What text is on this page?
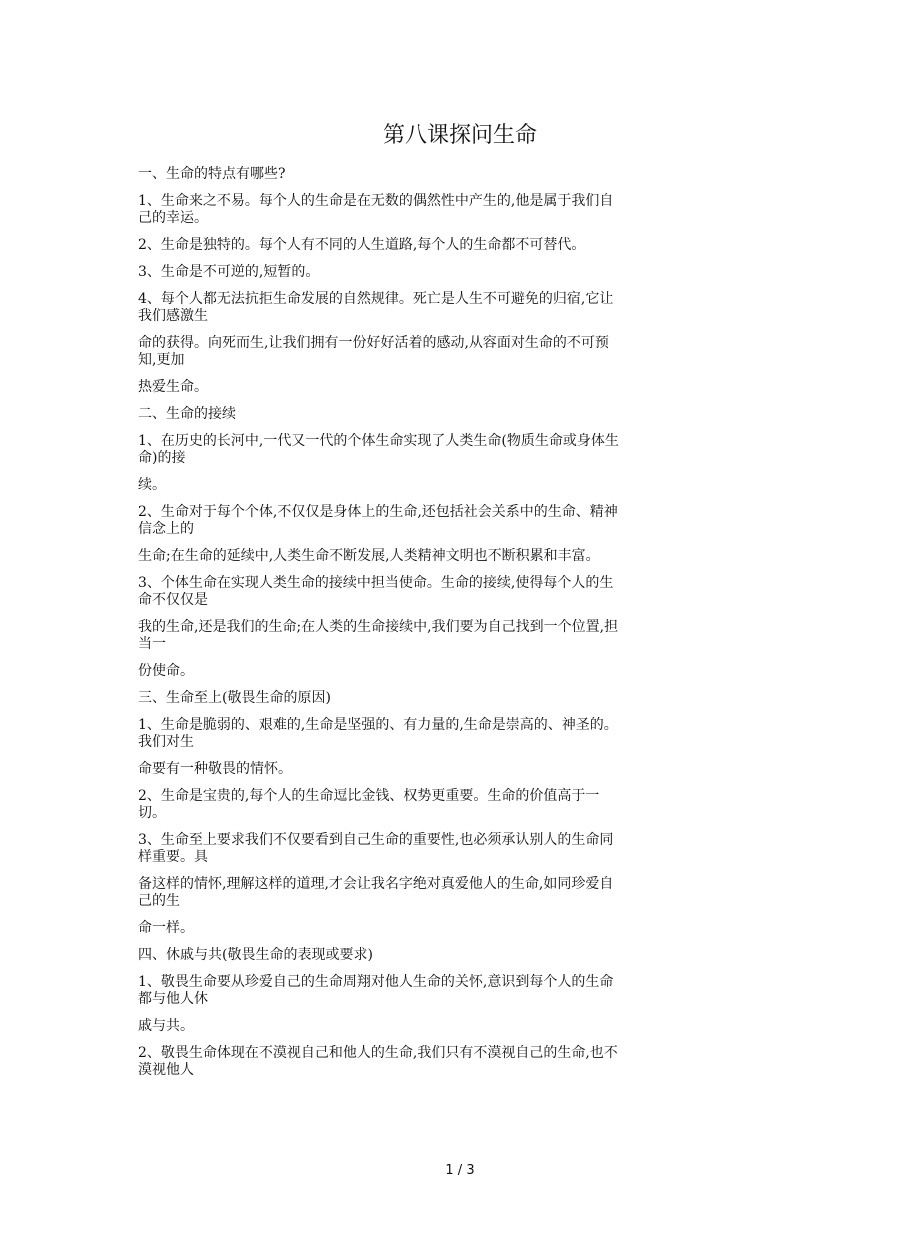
第八课探问生命

一、生命的特点有哪些?

1、生命来之不易。每个人的生命是在无数的偶然性中产生的,他是属于我们自己的幸运。

2、生命是独特的。每个人有不同的人生道路,每个人的生命都不可替代。

3、生命是不可逆的,短暂的。

4、每个人都无法抗拒生命发展的自然规律。死亡是人生不可避免的归宿,它让我们感激生

命的获得。向死而生,让我们拥有一份好好活着的感动,从容面对生命的不可预知,更加

热爱生命。

二、生命的接续

1、在历史的长河中,一代又一代的个体生命实现了人类生命(物质生命或身体生命)的接

续。

2、生命对于每个个体,不仅仅是身体上的生命,还包括社会关系中的生命、精神信念上的

生命;在生命的延续中,人类生命不断发展,人类精神文明也不断积累和丰富。

3、个体生命在实现人类生命的接续中担当使命。生命的接续,使得每个人的生命不仅仅是

我的生命,还是我们的生命;在人类的生命接续中,我们要为自己找到一个位置,担当一

份使命。

三、生命至上(敬畏生命的原因)

1、生命是脆弱的、艰难的,生命是坚强的、有力量的,生命是崇高的、神圣的。我们对生

命要有一种敬畏的情怀。

2、生命是宝贵的,每个人的生命逗比金钱、权势更重要。生命的价值高于一切。

3、生命至上要求我们不仅要看到自己生命的重要性,也必须承认别人的生命同样重要。具

备这样的情怀,理解这样的道理,才会让我名字绝对真爱他人的生命,如同珍爱自己的生

命一样。

四、休戚与共(敬畏生命的表现或要求)

1、敬畏生命要从珍爱自己的生命周翔对他人生命的关怀,意识到每个人的生命都与他人休

戚与共。

2、敬畏生命体现在不漠视自己和他人的生命,我们只有不漠视自己的生命,也不漠视他人

1 / 3
